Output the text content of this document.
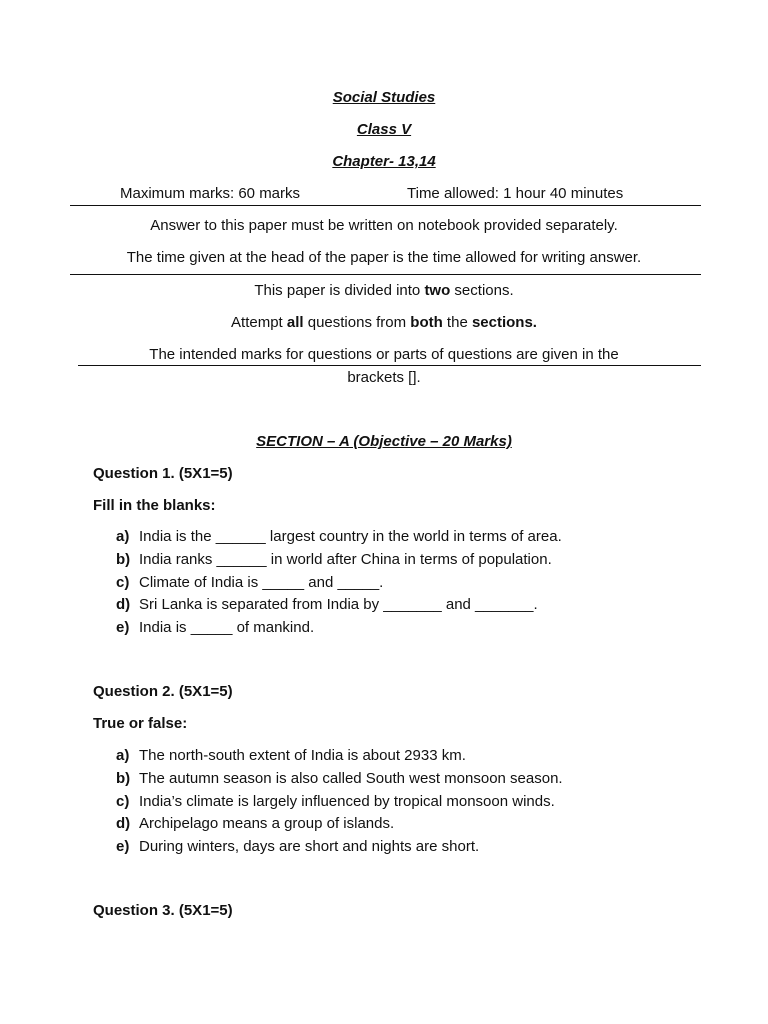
Social Studies
Class V
Chapter- 13,14
Maximum marks: 60 marks	Time allowed: 1 hour 40 minutes
Answer to this paper must be written on notebook provided separately.
The time given at the head of the paper is the time allowed for writing answer.
This paper is divided into two sections.
Attempt all questions from both the sections.
The intended marks for questions or parts of questions are given in the
brackets [].
SECTION – A (Objective – 20 Marks)
Question 1. (5X1=5)
Fill in the blanks:
a) India is the ______ largest country in the world in terms of area.
b) India ranks ______ in world after China in terms of population.
c) Climate of India is _____ and _____.
d) Sri Lanka is separated from India by _______ and _______.
e) India is _____ of mankind.
Question 2. (5X1=5)
True or false:
a) The north-south extent of India is about 2933 km.
b) The autumn season is also called South west monsoon season.
c) India’s climate is largely influenced by tropical monsoon winds.
d) Archipelago means a group of islands.
e) During winters, days are short and nights are short.
Question 3. (5X1=5)
